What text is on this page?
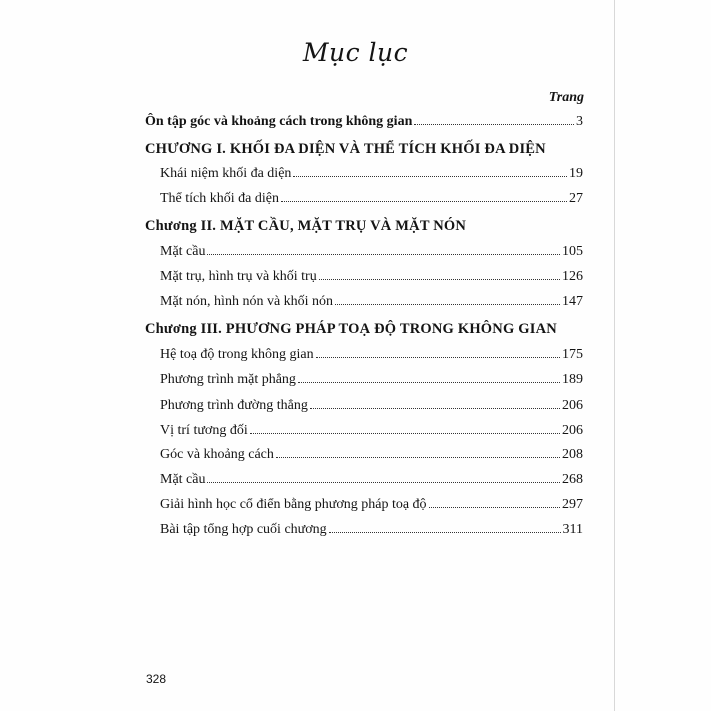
Mục lục
Trang
Ôn tập góc và khoảng cách trong không gian	3
CHƯƠNG I. KHỐI ĐA DIỆN VÀ THỂ TÍCH KHỐI ĐA DIỆN
Khái niệm khối đa diện	19
Thể tích khối đa diện	27
Chương II. MẶT CẦU, MẶT TRỤ VÀ MẶT NÓN
Mặt cầu	105
Mặt trụ, hình trụ và khối trụ	126
Mặt nón, hình nón và khối nón	147
Chương III. PHƯƠNG PHÁP TOẠ ĐỘ TRONG KHÔNG GIAN
Hệ toạ độ trong không gian	175
Phương trình mặt phẳng	189
Phương trình đường thẳng	206
Vị trí tương đối	206
Góc và khoảng cách	208
Mặt cầu	268
Giải hình học cổ điển bằng phương pháp toạ độ	297
Bài tập tổng hợp cuối chương	311
328
